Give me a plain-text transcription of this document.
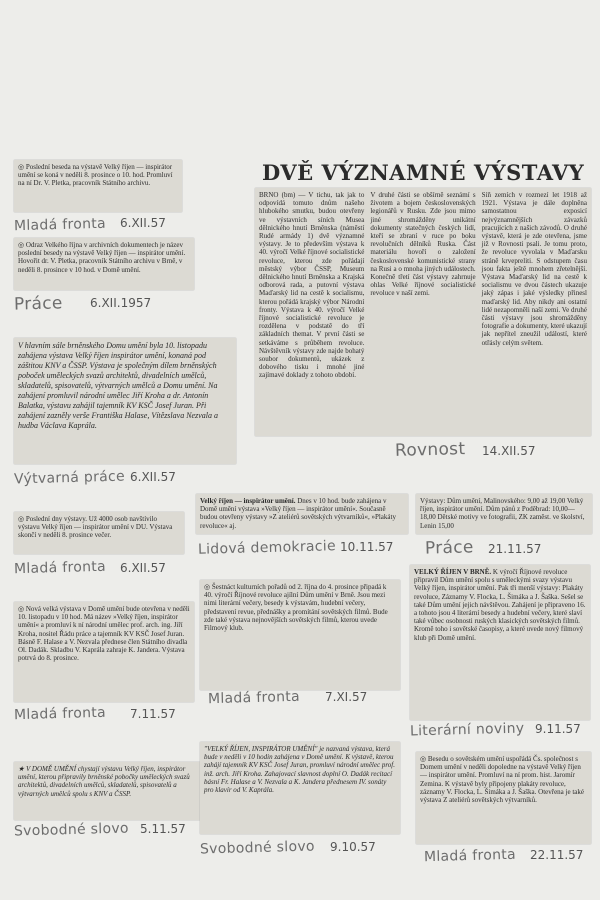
◎ Poslední beseda na výstavě Velký říjen — inspirátor umění se koná v neděli 8. prosince o 10. hod. Promluví na ní Dr. V. Pletka, pracovník Státního archivu.
Mladá fronta 6.XII.57
◎ Odraz Velkého října v archivních dokumentech je název poslední besedy na výstavě Velký říjen — inspirátor umění. Hovořit dr. V. Pletka, pracovník Státního archivu v Brně, v neděli 8. prosince v 10 hod. v Domě umění.
Práce 6.XII.1957
V hlavním sále brněnského Domu umění byla 10. listopadu zahájena výstava Velký říjen inspirátor umění, konaná pod záštitou KNV a ČSSP. Výstava je společným dílem brněnských poboček uměleckých svazů architektů, divadelních umělců, skladatelů, spisovatelů, výtvarných umělců a Domu umění. Na zahájení promluvil národní umělec Jiří Kroha a dr. Antonín Balatka, výstavu zahájil tajemník KV KSČ Josef Juran. Při zahájení zazněly verše Františka Halase, Vítězslava Nezvala a hudba Václava Kaprála.
Výtvarná práce 6.XII.57
◎ Poslední dny výstavy. Už 4000 osob navštívilo výstavu Velký říjen — inspirátor umění v DU. Výstava skončí v neděli 8. prosince večer.
Mladá fronta 6.XII.57
◎ Nová velká výstava v Domě umění bude otevřena v neděli 10. listopadu v 10 hod. Má název »Velký říjen, inspirátor umění« a promluví k ní národní umělec prof. arch. ing. Jiří Kroha, nositel Řádu práce a tajemník KV KSČ Josef Juran. Básně F. Halase a V. Nezvala přednese člen Státního divadla Ol. Dadák. Skladbu V. Kaprála zahraje K. Jandera. Výstava potrvá do 8. prosince.
Mladá fronta 7.11.57
★ V DOMĚ UMĚNÍ chystají výstavu Velký říjen, inspirátor umění, kterou připravily brněnské pobočky uměleckých svazů architektů, divadelních umělců, skladatelů, spisovatelů a výtvarných umělců spolu s KNV a ČSSP.
Svobodné slovo 5.11.57
DVĚ VÝZNAMNÉ VÝSTAVY
BRNO (bm) — V tichu, tak jak to odpovídá tomuto dnům našeho hlubokého smutku, budou otevřeny ve výstavních síních Musea dělnického hnutí Brněnska (náměstí Rudé armády 1) dvě významné výstavy. Je to především výstava k 40. výročí Velké říjnové socialistické revoluce, kterou zde pořádají městský výbor ČSSP, Museum dělnického hnutí Brněnska a Krajská odborová rada, a putovní výstava Maďarský lid na cestě k socialismu, kterou pořádá krajský výbor Národní fronty. Výstava k 40. výročí Velké říjnové socialistické revoluce je rozdělena v podstatě do tří základních themat. V první části se setkáváme s průběhem revoluce. Návštěvník výstavy zde najde bohatý soubor dokumentů, ukázek z dobového tisku i mnohé jiné zajímavé doklady z tohoto období.
V druhé části se obšírně seznámí s životem a bojem československých legionářů v Rusku. Zde jsou mimo jiné shromážděny unikátní dokumenty statečných českých lidí, kteří se zbraní v ruce po boku revolučních dělníků Ruska. Část materiálu hovoří o založení československé komunistické strany na Rusi a o mnoha jiných událostech. Konečně třetí část výstavy zahrnuje ohlas Velké říjnové socialistické revoluce v naší zemi.
Síň zemích v rozmezí let 1918 až 1921. Výstava je dále doplněna samostatnou exposicí nejvýznamnějších závazků pracujících z našich závodů. O druhé výstavě, která je zde otevřena, jsme již v Rovnosti psali. Je tomu proto, že revoluce vyvolala v Maďarsku stráně krvepreliti. S odstupem času jsou fakta ještě mnohem zřetelnější. Výstava Maďarský lid na cestě k socialismu ve dvou částech ukazuje jaký zápas i jaké výsledky přinesl maďarský lid. Aby nikdy ani ostatní lidé nezapomněli naší zemi. Ve druhé části výstavy jsou shromážděny fotografie a dokumenty, které ukazují jak nepřítel zneužil událostí, které otřásly celým světem.
Rovnost 14.XII.57
Velký říjen — inspirátor umění. Dnes v 10 hod. bude zahájena v Domě umění výstava »Velký říjen — inspirátor umění«. Současně budou otevřeny výstavy »Z ateliérů sovětských výtvarníků«, »Plakáty revoluce« aj.
Lidová demokracie 10.11.57
Výstavy: Dům umění, Malinovského: 9,00 až 19,00 Velký říjen, inspirátor umění. Dům pánů z Poděbrad: 10,00—18,00 Dětské motivy ve fotografii, ZK zaměst. ve školství, Lenin 15,00
Práce 21.11.57
◎ Šestnáct kulturních pořadů od 2. října do 4. prosince připadá k 40. výročí Říjnové revoluce ajílní Dům umění v Brně. Jsou mezi nimi literární večery, besedy k výstavám, hudební večery, představení revue, přednášky a promítání sovětských filmů. Bude zde také výstava nejnovějších sovětských filmů, kterou uvede Filmový klub.
Mladá fronta 7.XI.57
VELKÝ ŘÍJEN V BRNĚ. K výročí Říjnové revoluce připravil Dům umění spolu s uměleckými svazy výstavu Velký říjen, inspirátor umění. Pak tři menší výstavy: Plakáty revoluce, Záznamy V. Flocka, L. Šimáka a J. Šaška. Sešel se také Dům umění jejich návštěvou. Zahájení je připraveno 16. a tohoto jsou 4 literární besedy a hudební večery, které slaví také vůbec osobnosti ruských klasických sovětských filmů. Kromě toho i sovětské časopisy, a které uvede nový filmový klub při Domě umění.
Literární noviny 9.11.57
"VELKÝ ŘÍJEN, INSPIRÁTOR UMĚNÍ" je nazvaná výstava, která bude v neděli v 10 hodin zahájena v Domě umění. K výstavě, kterou zahájí tajemník KV KSČ Josef Juran, promluví národní umělec prof. inž. arch. Jiří Kroha. Zahajovací slavnost doplní O. Dadák recitací básní Fr. Halase a V. Nezvala a K. Jandera přednesem IV. sonáty pro klavír od V. Kaprála.
Svobodné slovo 9.10.57
◎ Besedu o sovětském umění uspořádá Čs. společnost s Domem umění v neděli dopoledne na výstavě Velký říjen — inspirátor umění. Promluví na ní prom. hist. Jaromír Zemina. K výstavě byly připojeny plakáty revoluce, záznamy V. Flocka, L. Šimáka a J. Šaška. Otevřena je také výstava Z ateliérů sovětských výtvarníků.
Mladá fronta 22.11.57
